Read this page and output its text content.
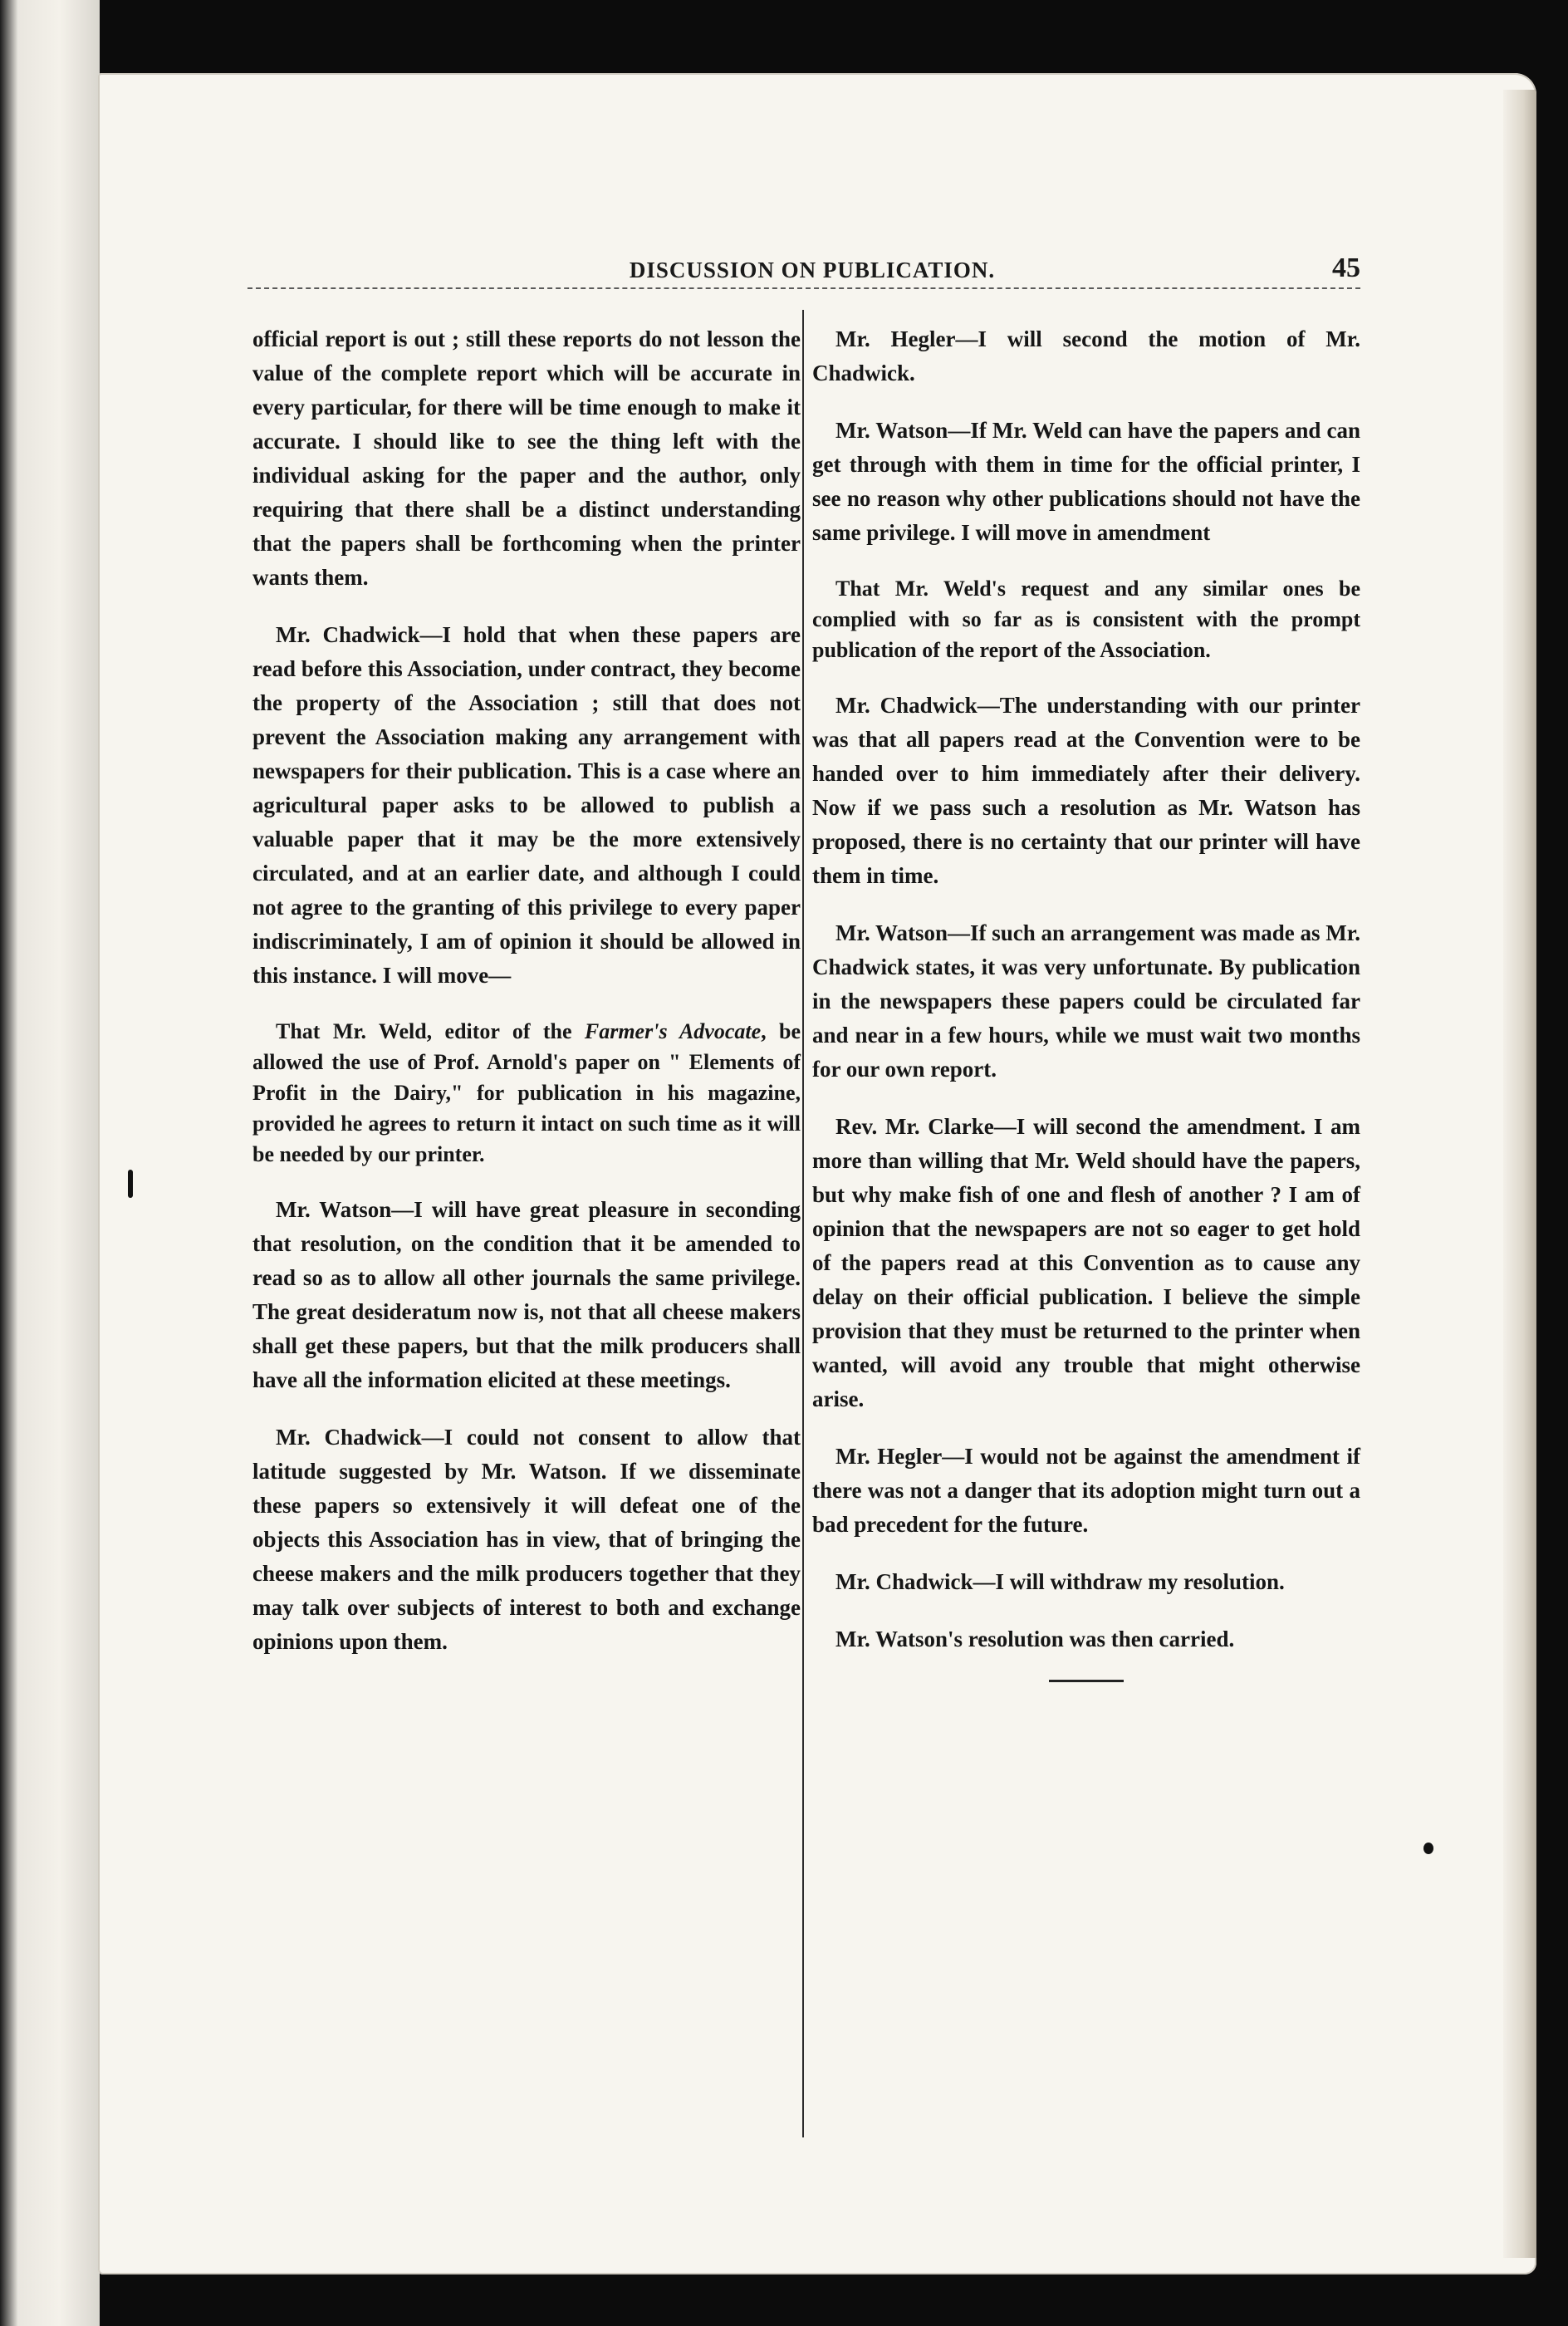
DISCUSSION ON PUBLICATION.	45

official report is out ; still these reports do not lesson the value of the complete report which will be accurate in every particular, for there will be time enough to make it accurate. I should like to see the thing left with the individual asking for the paper and the author, only requiring that there shall be a distinct understanding that the papers shall be forthcoming when the printer wants them.

Mr. Chadwick—I hold that when these papers are read before this Association, under contract, they become the property of the Association ; still that does not prevent the Association making any arrangement with newspapers for their publication. This is a case where an agricultural paper asks to be allowed to publish a valuable paper that it may be the more extensively circulated, and at an earlier date, and although I could not agree to the granting of this privilege to every paper indiscriminately, I am of opinion it should be allowed in this instance. I will move—

That Mr. Weld, editor of the Farmer's Advocate, be allowed the use of Prof. Arnold's paper on " Elements of Profit in the Dairy," for publication in his magazine, provided he agrees to return it intact on such time as it will be needed by our printer.

Mr. Watson—I will have great pleasure in seconding that resolution, on the condition that it be amended to read so as to allow all other journals the same privilege. The great desideratum now is, not that all cheese makers shall get these papers, but that the milk producers shall have all the information elicited at these meetings.

Mr. Chadwick—I could not consent to allow that latitude suggested by Mr. Watson. If we disseminate these papers so extensively it will defeat one of the objects this Association has in view, that of bringing the cheese makers and the milk producers together that they may talk over subjects of interest to both and exchange opinions upon them.

Mr. Hegler—I will second the motion of Mr. Chadwick.

Mr. Watson—If Mr. Weld can have the papers and can get through with them in time for the official printer, I see no reason why other publications should not have the same privilege. I will move in amendment

That Mr. Weld's request and any similar ones be complied with so far as is consistent with the prompt publication of the report of the Association.

Mr. Chadwick—The understanding with our printer was that all papers read at the Convention were to be handed over to him immediately after their delivery. Now if we pass such a resolution as Mr. Watson has proposed, there is no certainty that our printer will have them in time.

Mr. Watson—If such an arrangement was made as Mr. Chadwick states, it was very unfortunate. By publication in the newspapers these papers could be circulated far and near in a few hours, while we must wait two months for our own report.

Rev. Mr. Clarke—I will second the amendment. I am more than willing that Mr. Weld should have the papers, but why make fish of one and flesh of another ? I am of opinion that the newspapers are not so eager to get hold of the papers read at this Convention as to cause any delay on their official publication. I believe the simple provision that they must be returned to the printer when wanted, will avoid any trouble that might otherwise arise.

Mr. Hegler—I would not be against the amendment if there was not a danger that its adoption might turn out a bad precedent for the future.

Mr. Chadwick—I will withdraw my resolution.

Mr. Watson's resolution was then carried.
